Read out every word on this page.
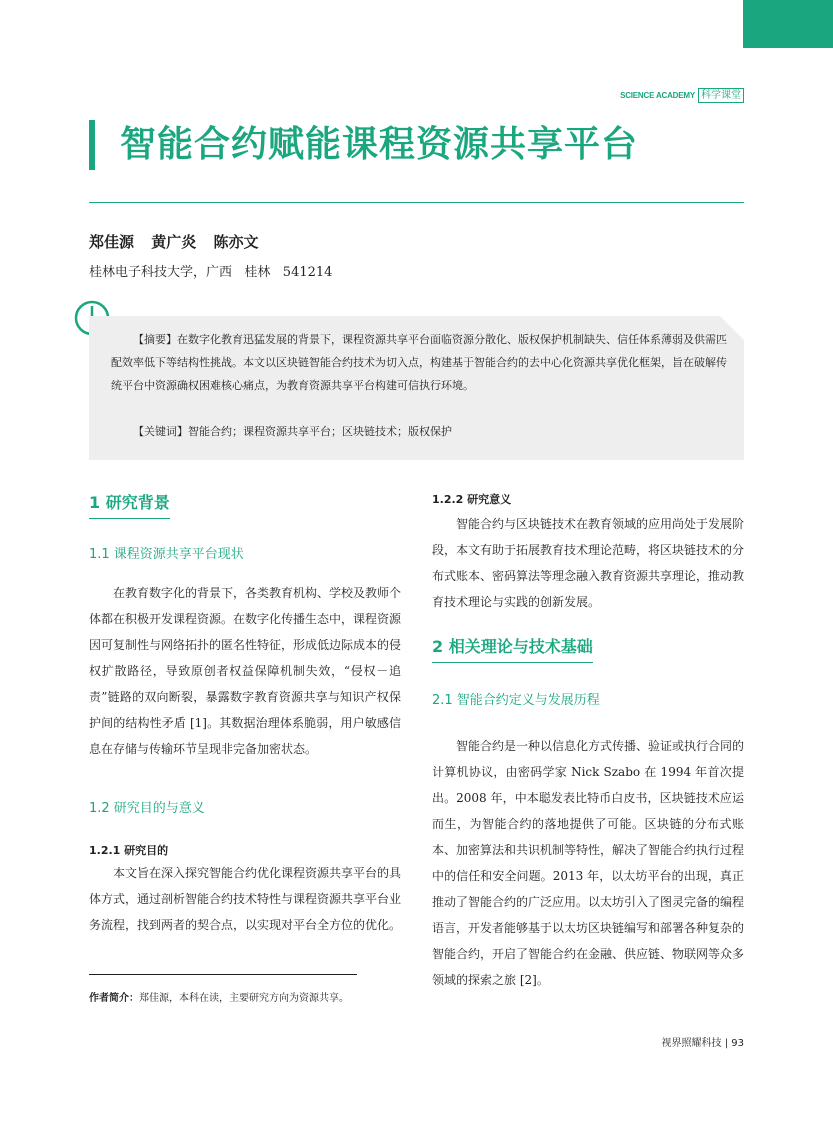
SCIENCE ACADEMY 科学课堂
智能合约赋能课程资源共享平台
郑佳源 黄广炎 陈亦文
桂林电子科技大学，广西   桂林   541214
【摘要】在数字化教育迅猛发展的背景下，课程资源共享平台面临资源分散化、版权保护机制缺失、信任体系薄弱及供需匹配效率低下等结构性挑战。本文以区块链智能合约技术为切入点，构建基于智能合约的去中心化资源共享优化框架，旨在破解传统平台中资源确权困难核心痛点，为教育资源共享平台构建可信执行环境。
【关键词】智能合约；课程资源共享平台；区块链技术；版权保护
1 研究背景
1.1 课程资源共享平台现状
在教育数字化的背景下，各类教育机构、学校及教师个体都在积极开发课程资源。在数字化传播生态中，课程资源因可复制性与网络拓扑的匿名性特征，形成低边际成本的侵权扩散路径，导致原创者权益保障机制失效，“侵权－追责”链路的双向断裂，暴露数字教育资源共享与知识产权保护间的结构性矛盾 [1]。其数据治理体系脆弱，用户敏感信息在存储与传输环节呈现非完备加密状态。
1.2 研究目的与意义
1.2.1 研究目的
本文旨在深入探究智能合约优化课程资源共享平台的具体方式，通过剖析智能合约技术特性与课程资源共享平台业务流程，找到两者的契合点，以实现对平台全方位的优化。
作者简介：郑佳源，本科在读，主要研究方向为资源共享。
1.2.2 研究意义
智能合约与区块链技术在教育领域的应用尚处于发展阶段，本文有助于拓展教育技术理论范畴，将区块链技术的分布式账本、密码算法等理念融入教育资源共享理论，推动教育技术理论与实践的创新发展。
2 相关理论与技术基础
2.1 智能合约定义与发展历程
智能合约是一种以信息化方式传播、验证或执行合同的计算机协议，由密码学家 Nick Szabo 在 1994 年首次提出。2008 年，中本聪发表比特币白皮书，区块链技术应运而生，为智能合约的落地提供了可能。区块链的分布式账本、加密算法和共识机制等特性，解决了智能合约执行过程中的信任和安全问题。2013 年，以太坊平台的出现，真正推动了智能合约的广泛应用。以太坊引入了图灵完备的编程语言，开发者能够基于以太坊区块链编写和部署各种复杂的智能合约，开启了智能合约在金融、供应链、物联网等众多领域的探索之旅 [2]。
视界照耀科技 | 93
